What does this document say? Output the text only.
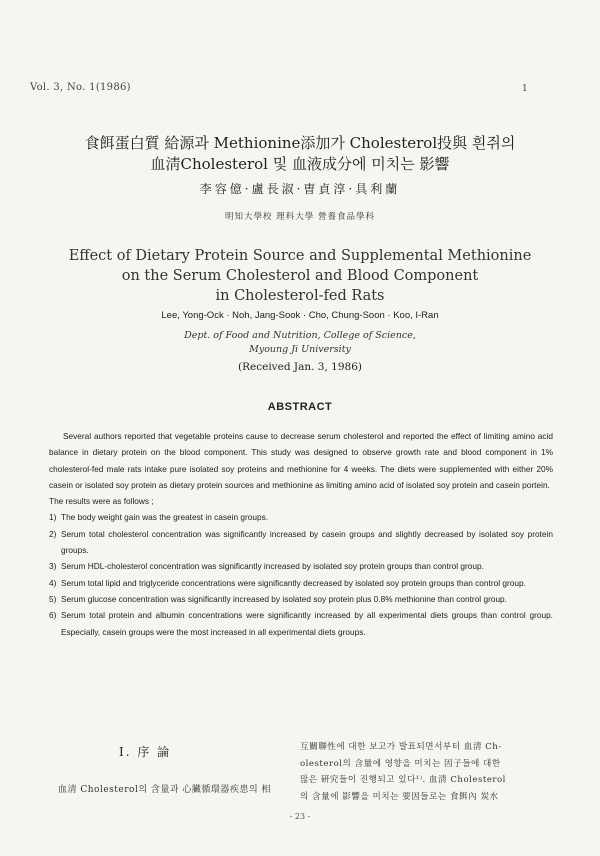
Vol. 3, No. 1(1986)	1
食餌蛋白質 給源과 Methionine添加가 Cholesterol投與 흰쥐의
血淸Cholesterol 및 血液成分에 미치는 影響
李容億·盧長淑·曺貞淳·具利蘭
明知大學校 理科大學 營養食品學科
Effect of Dietary Protein Source and Supplemental Methionine
on the Serum Cholesterol and Blood Component
in Cholesterol-fed Rats
Lee, Yong-Ock · Noh, Jang-Sook · Cho, Chung-Soon · Koo, I-Ran
Dept. of Food and Nutrition, College of Science,
Myoung Ji University
(Received Jan. 3, 1986)
ABSTRACT

Several authors reported that vegetable proteins cause to decrease serum cholesterol and reported the effect of limiting amino acid balance in dietary protein on the blood component. This study was designed to observe growth rate and blood component in 1% cholesterol-fed male rats intake pure isolated soy proteins and methionine for 4 weeks. The diets were supplemented with either 20% casein or isolated soy protein as dietary protein sources and methionine as limiting amino acid of isolated soy protein and casein portein.

The results were as follows ;

1) The body weight gain was the greatest in casein groups.
2) Serum total cholesterol concentration was significantly increased by casein groups and slightly decreased by isolated soy protein groups.
3) Serum HDL-cholesterol concentration was significantly increased by isolated soy protein groups than control group.
4) Serum total lipid and triglyceride concentrations were significantly decreased by isolated soy protein groups than control group.
5) Serum glucose concentration was significantly increased by isolated soy protein plus 0.8% methionine than control group.
6) Serum total protein and albumin concentrations were significantly increased by all experimental diets groups than control group. Especially, casein groups were the most increased in all experimental diets groups.
Ⅰ. 序 論
血淸 Cholesterol의 含量과 心臟循環器疾患의 相
互關聯性에 대한 보고가 발표되면서부터 血淸 Ch-
olesterol의 含量에 영향을 미치는 因子들에 대한
많은 硏究들이 진행되고 있다¹⁾. 血淸 Cholesterol
의 含量에 影響을 미치는 要因들로는 食餌內 炭水
- 23 -
